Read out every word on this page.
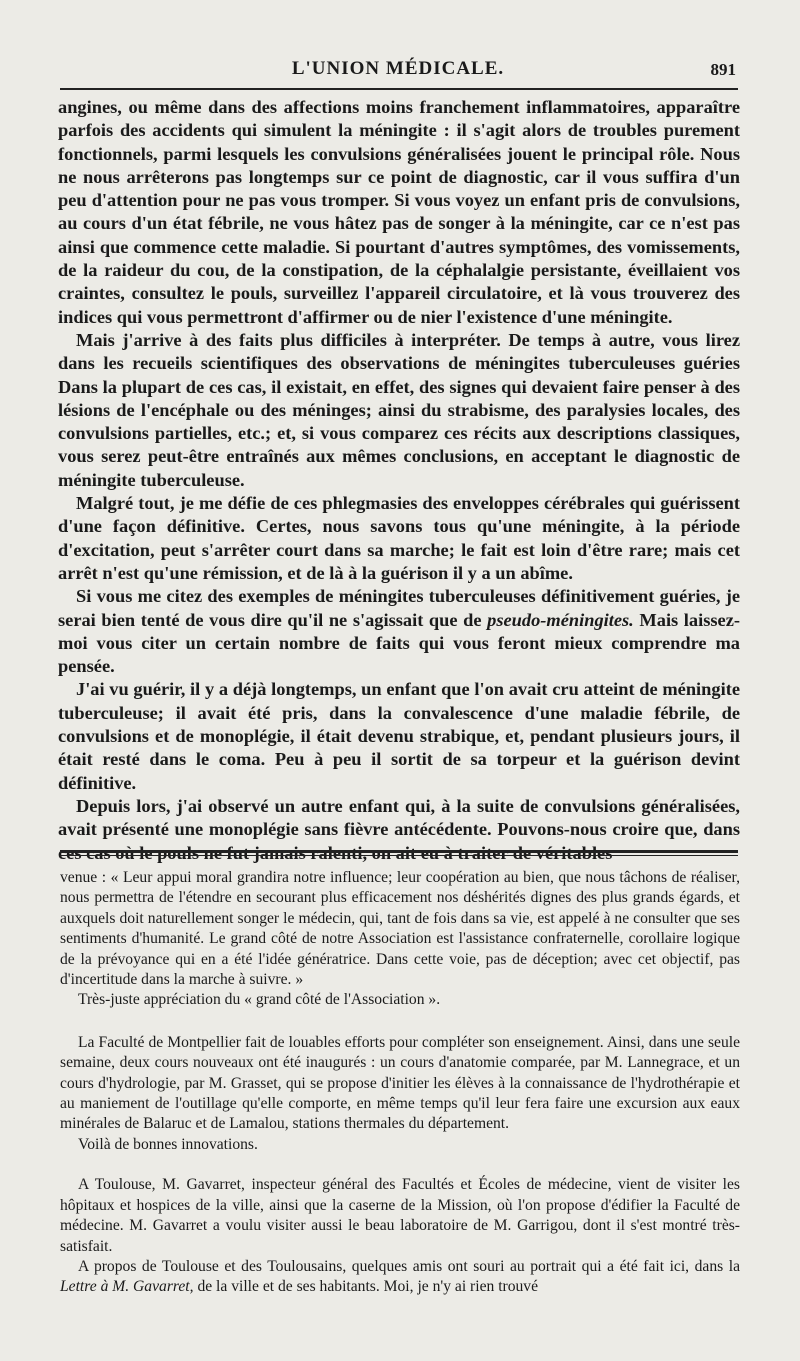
L'UNION MÉDICALE.	891

angines, ou même dans des affections moins franchement inflammatoires, apparaître parfois des accidents qui simulent la méningite : il s'agit alors de troubles purement fonctionnels, parmi lesquels les convulsions généralisées jouent le principal rôle. Nous ne nous arrêterons pas longtemps sur ce point de diagnostic, car il vous suffira d'un peu d'attention pour ne pas vous tromper. Si vous voyez un enfant pris de convulsions, au cours d'un état fébrile, ne vous hâtez pas de songer à la méningite, car ce n'est pas ainsi que commence cette maladie. Si pourtant d'autres symptômes, des vomissements, de la raideur du cou, de la constipation, de la céphalalgie persistante, éveillaient vos craintes, consultez le pouls, surveillez l'appareil circulatoire, et là vous trouverez des indices qui vous permettront d'affirmer ou de nier l'existence d'une méningite.

Mais j'arrive à des faits plus difficiles à interpréter. De temps à autre, vous lirez dans les recueils scientifiques des observations de méningites tuberculeuses guéries Dans la plupart de ces cas, il existait, en effet, des signes qui devaient faire penser à des lésions de l'encéphale ou des méninges; ainsi du strabisme, des paralysies locales, des convulsions partielles, etc.; et, si vous comparez ces récits aux descriptions classiques, vous serez peut-être entraînés aux mêmes conclusions, en acceptant le diagnostic de méningite tuberculeuse.

Malgré tout, je me défie de ces phlegmasies des enveloppes cérébrales qui guérissent d'une façon définitive. Certes, nous savons tous qu'une méningite, à la période d'excitation, peut s'arrêter court dans sa marche; le fait est loin d'être rare; mais cet arrêt n'est qu'une rémission, et de là à la guérison il y a un abîme.

Si vous me citez des exemples de méningites tuberculeuses définitivement guéries, je serai bien tenté de vous dire qu'il ne s'agissait que de pseudo-méningites. Mais laissez-moi vous citer un certain nombre de faits qui vous feront mieux comprendre ma pensée.

J'ai vu guérir, il y a déjà longtemps, un enfant que l'on avait cru atteint de méningite tuberculeuse; il avait été pris, dans la convalescence d'une maladie fébrile, de convulsions et de monoplégie, il était devenu strabique, et, pendant plusieurs jours, il était resté dans le coma. Peu à peu il sortit de sa torpeur et la guérison devint définitive.

Depuis lors, j'ai observé un autre enfant qui, à la suite de convulsions généralisées, avait présenté une monoplégie sans fièvre antécédente. Pouvons-nous croire que, dans ces cas où le pouls ne fut jamais ralenti, on ait eu à traiter de véritables

venue : « Leur appui moral grandira notre influence; leur coopération au bien, que nous tâchons de réaliser, nous permettra de l'étendre en secourant plus efficacement nos déshérités dignes des plus grands égards, et auxquels doit naturellement songer le médecin, qui, tant de fois dans sa vie, est appelé à ne consulter que ses sentiments d'humanité. Le grand côté de notre Association est l'assistance confraternelle, corollaire logique de la prévoyance qui en a été l'idée génératrice. Dans cette voie, pas de déception; avec cet objectif, pas d'incertitude dans la marche à suivre. »

Très-juste appréciation du « grand côté de l'Association ».

La Faculté de Montpellier fait de louables efforts pour compléter son enseignement. Ainsi, dans une seule semaine, deux cours nouveaux ont été inaugurés : un cours d'anatomie comparée, par M. Lannegrace, et un cours d'hydrologie, par M. Grasset, qui se propose d'initier les élèves à la connaissance de l'hydrothérapie et au maniement de l'outillage qu'elle comporte, en même temps qu'il leur fera faire une excursion aux eaux minérales de Balaruc et de Lamalou, stations thermales du département.

Voilà de bonnes innovations.

A Toulouse, M. Gavarret, inspecteur général des Facultés et Écoles de médecine, vient de visiter les hôpitaux et hospices de la ville, ainsi que la caserne de la Mission, où l'on propose d'édifier la Faculté de médecine. M. Gavarret a voulu visiter aussi le beau laboratoire de M. Garrigou, dont il s'est montré très-satisfait.

A propos de Toulouse et des Toulousains, quelques amis ont souri au portrait qui a été fait ici, dans la Lettre à M. Gavarret, de la ville et de ses habitants. Moi, je n'y ai rien trouvé
